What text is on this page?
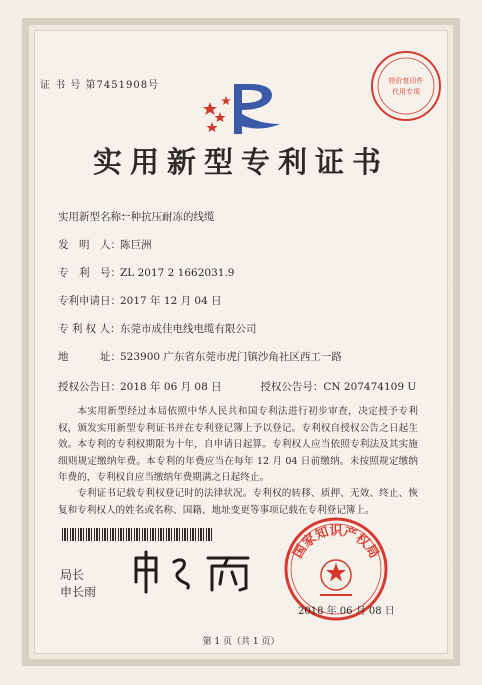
证 书 号 第7451908号	特价复印件
代用专项
实用新型专利证书
实用新型名称：一种抗压耐冻的线缆
发　明　人：陈巨洲
专　利　号：ZL 2017 2 1662031.9
专利申请日：2017 年 12 月 04 日
专 利 权 人：东莞市成佳电线电缆有限公司
地　　　址：523900 广东省东莞市虎门镇沙角社区西工一路
授权公告日：2018 年 06 月 08 日	授权公告号：CN 207474109 U
本实用新型经过本局依照中华人民共和国专利法进行初步审查，决定授予专利权，颁发实用新型专利证书并在专利登记簿上予以登记。专利权自授权公告之日起生效。 本专利的专利权期限为十年，自申请日起算。专利权人应当依照专利法及其实施细则规定缴纳年费。本专利的年费应当在每年 12 月 04 日前缴纳。未按照规定缴纳年费的，专利权自应当缴纳年费期满之日起终止。
专利证书记载专利权登记时的法律状况。专利权的转移、质押、无效、终止、恢复和专利权人的姓名或名称、国籍、地址变更等事项记载在专利登记簿上。
局长
申长雨
国家知识产权局
2018 年 06 月 08 日
第 1 页（共 1 页）
